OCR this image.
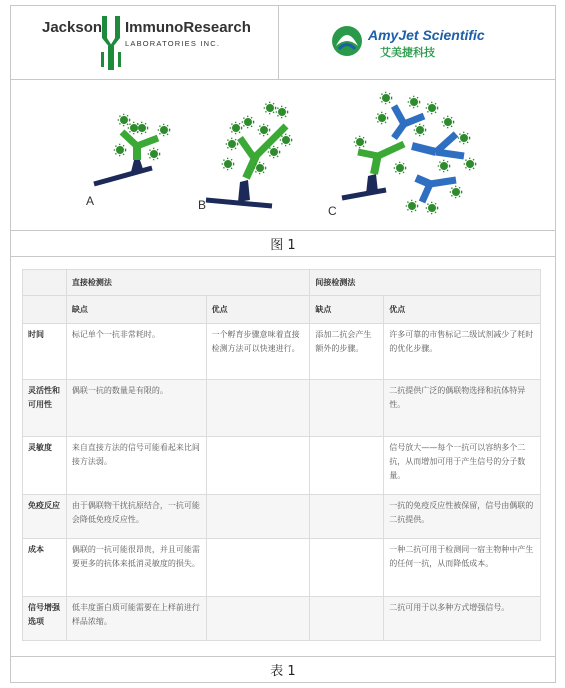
Jackson ImmunoResearch
LABORATORIES INC.
AmyJet Scientific
艾美捷科技
A	B	C
图 1
	直接检测法		间接检测法	
	缺点	优点	缺点	优点
时间	标记单个一抗非常耗时。	一个孵育步骤意味着直接检测方法可以快速进行。	添加二抗会产生额外的步骤。	许多可靠的市售标记二级试剂减少了耗时的优化步骤。
灵活性和可用性	偶联一抗的数量是有限的。			二抗提供广泛的偶联物选择和抗体特异性。
灵敏度	来自直接方法的信号可能看起来比间接方法弱。			信号放大——每个一抗可以容纳多个二抗，从而增加可用于产生信号的分子数量。
免疫反应	由于偶联物干扰抗原结合，一抗可能会降低免疫反应性。			一抗的免疫反应性被保留，信号由偶联的二抗提供。
成本	偶联的一抗可能很昂贵，并且可能需要更多的抗体来抵消灵敏度的损失。			一种二抗可用于检测同一宿主物种中产生的任何一抗，从而降低成本。
信号增强选项	低丰度蛋白质可能需要在上样前进行样品浓缩。			二抗可用于以多种方式增强信号。
表 1
